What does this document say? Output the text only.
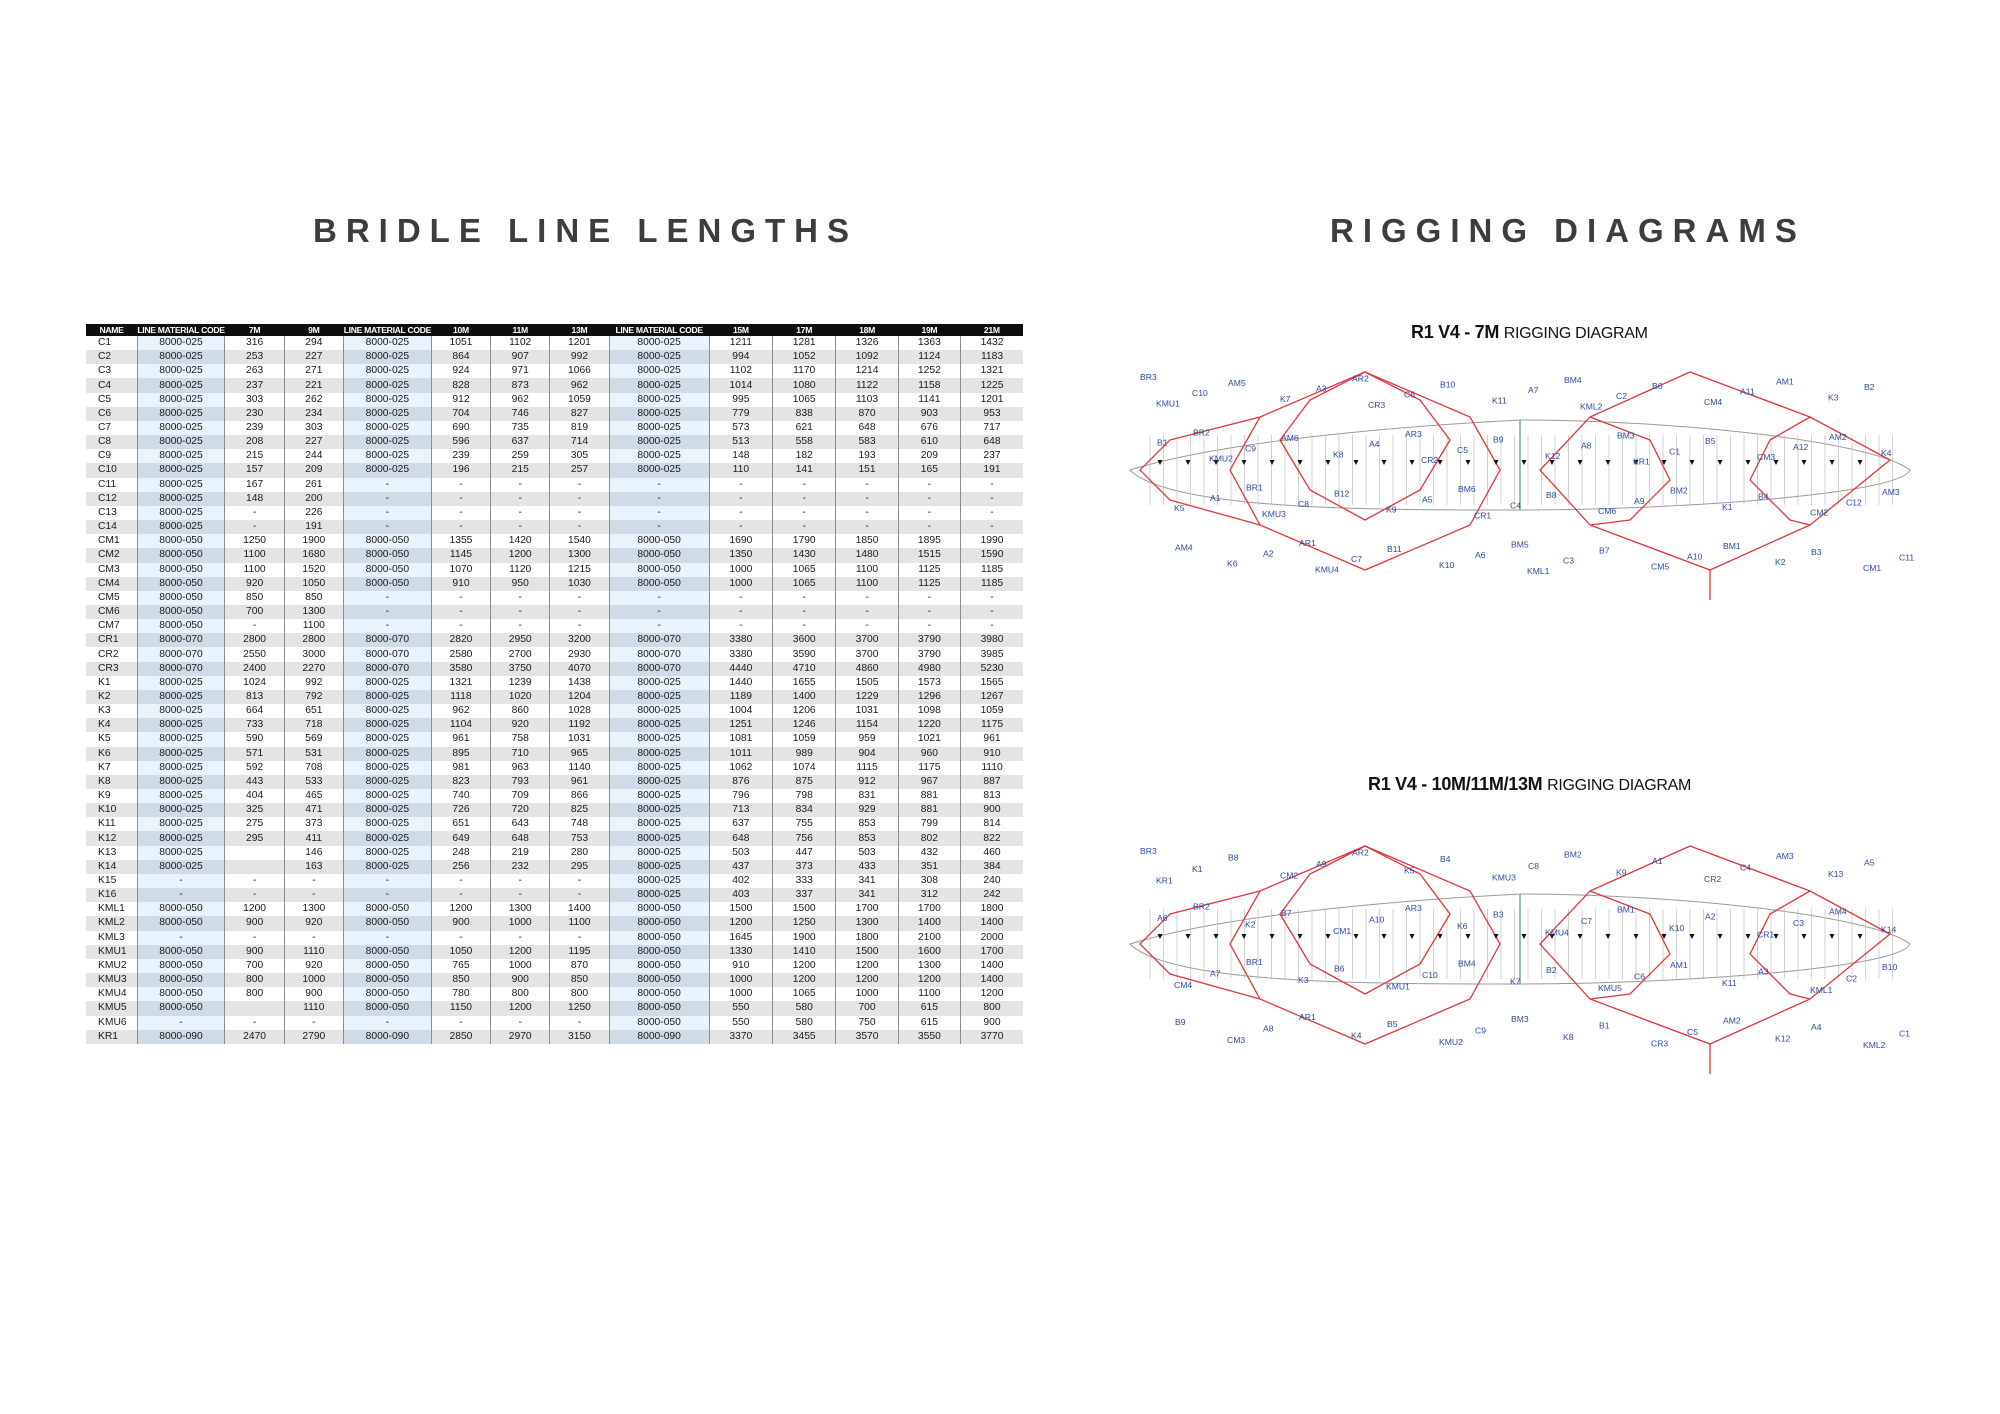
BRIDLE LINE LENGTHS	RIGGING DIAGRAMS
NAME	LINE MATERIAL CODE	7M	9M	LINE MATERIAL CODE	10M	11M	13M	LINE MATERIAL CODE	15M	17M	18M	19M	21M
C1	8000-025	316	294	8000-025	1051	1102	1201	8000-025	1211	1281	1326	1363	1432
C2	8000-025	253	227	8000-025	864	907	992	8000-025	994	1052	1092	1124	1183
C3	8000-025	263	271	8000-025	924	971	1066	8000-025	1102	1170	1214	1252	1321
C4	8000-025	237	221	8000-025	828	873	962	8000-025	1014	1080	1122	1158	1225
C5	8000-025	303	262	8000-025	912	962	1059	8000-025	995	1065	1103	1141	1201
C6	8000-025	230	234	8000-025	704	746	827	8000-025	779	838	870	903	953
C7	8000-025	239	303	8000-025	690	735	819	8000-025	573	621	648	676	717
C8	8000-025	208	227	8000-025	596	637	714	8000-025	513	558	583	610	648
C9	8000-025	215	244	8000-025	239	259	305	8000-025	148	182	193	209	237
C10	8000-025	157	209	8000-025	196	215	257	8000-025	110	141	151	165	191
C11	8000-025	167	261	-	-	-	-	-	-	-	-	-	-
C12	8000-025	148	200	-	-	-	-	-	-	-	-	-	-
C13	8000-025	-	226	-	-	-	-	-	-	-	-	-	-
C14	8000-025	-	191	-	-	-	-	-	-	-	-	-	-
CM1	8000-050	1250	1900	8000-050	1355	1420	1540	8000-050	1690	1790	1850	1895	1990
CM2	8000-050	1100	1680	8000-050	1145	1200	1300	8000-050	1350	1430	1480	1515	1590
CM3	8000-050	1100	1520	8000-050	1070	1120	1215	8000-050	1000	1065	1100	1125	1185
CM4	8000-050	920	1050	8000-050	910	950	1030	8000-050	1000	1065	1100	1125	1185
CM5	8000-050	850	850	-	-	-	-	-	-	-	-	-	-
CM6	8000-050	700	1300	-	-	-	-	-	-	-	-	-	-
CM7	8000-050	-	1100	-	-	-	-	-	-	-	-	-	-
CR1	8000-070	2800	2800	8000-070	2820	2950	3200	8000-070	3380	3600	3700	3790	3980
CR2	8000-070	2550	3000	8000-070	2580	2700	2930	8000-070	3380	3590	3700	3790	3985
CR3	8000-070	2400	2270	8000-070	3580	3750	4070	8000-070	4440	4710	4860	4980	5230
K1	8000-025	1024	992	8000-025	1321	1239	1438	8000-025	1440	1655	1505	1573	1565
K2	8000-025	813	792	8000-025	1118	1020	1204	8000-025	1189	1400	1229	1296	1267
K3	8000-025	664	651	8000-025	962	860	1028	8000-025	1004	1206	1031	1098	1059
K4	8000-025	733	718	8000-025	1104	920	1192	8000-025	1251	1246	1154	1220	1175
K5	8000-025	590	569	8000-025	961	758	1031	8000-025	1081	1059	959	1021	961
K6	8000-025	571	531	8000-025	895	710	965	8000-025	1011	989	904	960	910
K7	8000-025	592	708	8000-025	981	963	1140	8000-025	1062	1074	1115	1175	1110
K8	8000-025	443	533	8000-025	823	793	961	8000-025	876	875	912	967	887
K9	8000-025	404	465	8000-025	740	709	866	8000-025	796	798	831	881	813
K10	8000-025	325	471	8000-025	726	720	825	8000-025	713	834	929	881	900
K11	8000-025	275	373	8000-025	651	643	748	8000-025	637	755	853	799	814
K12	8000-025	295	411	8000-025	649	648	753	8000-025	648	756	853	802	822
K13	8000-025		146	8000-025	248	219	280	8000-025	503	447	503	432	460
K14	8000-025		163	8000-025	256	232	295	8000-025	437	373	433	351	384
K15	-	-	-	-	-	-	-	8000-025	402	333	341	308	240
K16	-	-	-	-	-	-	-	8000-025	403	337	341	312	242
KML1	8000-050	1200	1300	8000-050	1200	1300	1400	8000-050	1500	1500	1700	1700	1800
KML2	8000-050	900	920	8000-050	900	1000	1100	8000-050	1200	1250	1300	1400	1400
KML3	-	-	-	-	-	-	-	8000-050	1645	1900	1800	2100	2000
KMU1	8000-050	900	1110	8000-050	1050	1200	1195	8000-050	1330	1410	1500	1600	1700
KMU2	8000-050	700	920	8000-050	765	1000	870	8000-050	910	1200	1200	1300	1400
KMU3	8000-050	800	1000	8000-050	850	900	850	8000-050	1000	1200	1200	1200	1400
KMU4	8000-050	800	900	8000-050	780	800	800	8000-050	1000	1065	1000	1100	1200
KMU5	8000-050		1110	8000-050	1150	1200	1250	8000-050	550	580	700	615	800
KMU6	-	-	-	-	-	-	-	8000-050	550	580	750	615	900
KR1	8000-090	2470	2790	8000-090	2850	2970	3150	8000-090	3370	3455	3570	3550	3770
R1 V4 - 7M RIGGING DIAGRAM
BR3
BR2
BR1
AR1
AR2
AR3
BM6
BM5
BM4
BM3
BM2
BM1
AM1
AM2
AM3
AM4
AM5
AM6
B12
B11
B10
B9
B8
B7
B6
B5
B4
B3
B2
B1
A1
A2
A3
A4
A5
A6
A7
A8
A9
A10
A11
A12
C12
C11
C10
C9
C8
C7
C6
C5
C4
C3
C2
C1
K1
K2
K3
K4
K5
K6
K7
K8
K9
K10
K11
K12
CM6
CM5
CM4
CM3
CM2
CM1
KMU1
KMU2
KMU3
KMU4
CR3
CR2
CR1
KML1
KML2
KR1
R1 V4 - 10M/11M/13M RIGGING DIAGRAM
BR3
BR2
BR1
AR1
AR2
AR3
BM4
BM3
BM2
BM1
AM1
AM2
AM3
AM4
B10
B9
B8
B7
B6
B5
B4
B3
B2
B1
A1
A2
A3
A4
A5
A6
A7
A8
A9
A10
C10
C9
C8
C7
C6
C5
C4
C3
C2
C1
K1
K2
K3
K4
K5
K6
K7
K8
K9
K10
K11
K12
K13
K14
CM4
CM3
CM2
CM1
KMU1
KMU2
KMU3
KMU4
KMU5
CR3
CR2
CR1
KML1
KML2
KR1
